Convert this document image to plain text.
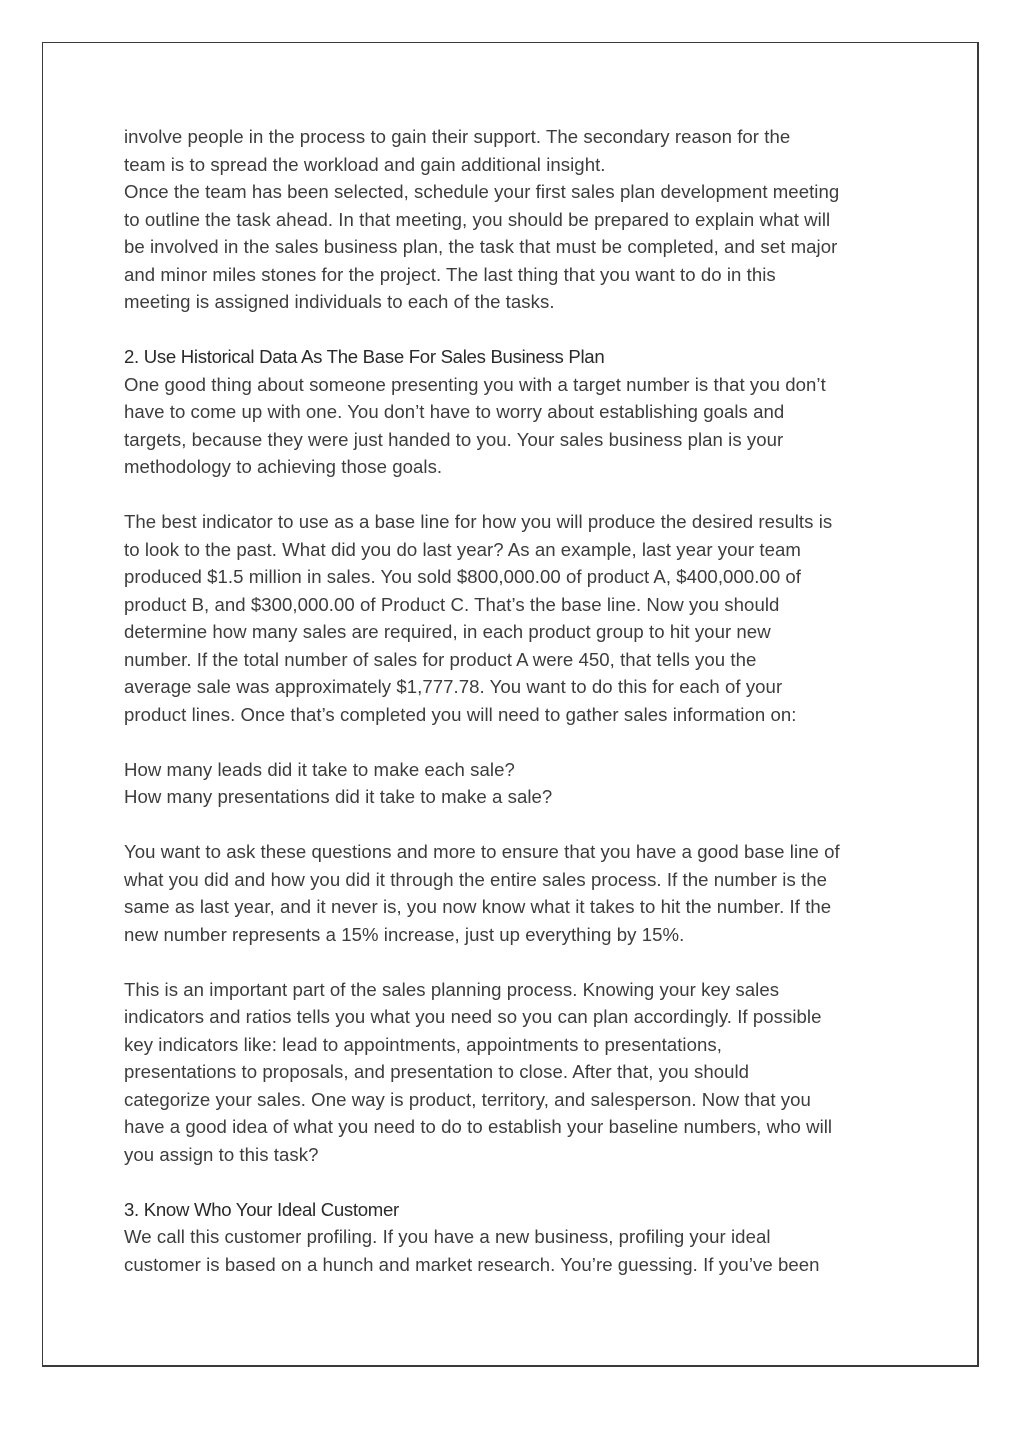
involve people in the process to gain their support. The secondary reason for the
team is to spread the workload and gain additional insight.
Once the team has been selected, schedule your first sales plan development meeting
to outline the task ahead. In that meeting, you should be prepared to explain what will
be involved in the sales business plan, the task that must be completed, and set major
and minor miles stones for the project. The last thing that you want to do in this
meeting is assigned individuals to each of the tasks.
2. Use Historical Data As The Base For Sales Business Plan
One good thing about someone presenting you with a target number is that you don’t
have to come up with one. You don’t have to worry about establishing goals and
targets, because they were just handed to you. Your sales business plan is your
methodology to achieving those goals.
The best indicator to use as a base line for how you will produce the desired results is
to look to the past. What did you do last year? As an example, last year your team
produced $1.5 million in sales. You sold $800,000.00 of product A, $400,000.00 of
product B, and $300,000.00 of Product C. That’s the base line. Now you should
determine how many sales are required, in each product group to hit your new
number. If the total number of sales for product A were 450, that tells you the
average sale was approximately $1,777.78. You want to do this for each of your
product lines. Once that’s completed you will need to gather sales information on:
How many leads did it take to make each sale?
How many presentations did it take to make a sale?
You want to ask these questions and more to ensure that you have a good base line of
what you did and how you did it through the entire sales process. If the number is the
same as last year, and it never is, you now know what it takes to hit the number. If the
new number represents a 15% increase, just up everything by 15%.
This is an important part of the sales planning process. Knowing your key sales
indicators and ratios tells you what you need so you can plan accordingly. If possible
key indicators like: lead to appointments, appointments to presentations,
presentations to proposals, and presentation to close. After that, you should
categorize your sales. One way is product, territory, and salesperson. Now that you
have a good idea of what you need to do to establish your baseline numbers, who will
you assign to this task?
3. Know Who Your Ideal Customer
We call this customer profiling. If you have a new business, profiling your ideal
customer is based on a hunch and market research. You’re guessing. If you’ve been
